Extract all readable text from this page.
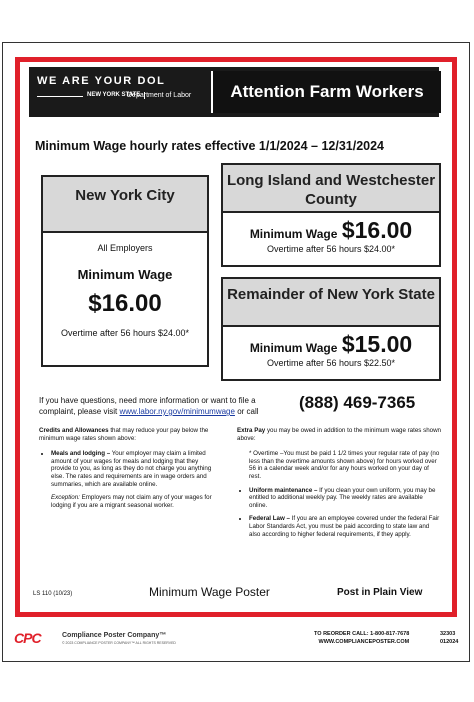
WE ARE YOUR DOL
NEW YORK STATE
Department of Labor	Attention Farm Workers
Minimum Wage hourly rates effective 1/1/2024 – 12/31/2024
New York City
All Employers
Minimum Wage
$16.00
Overtime after 56 hours $24.00*
Long Island and Westchester County
Minimum Wage $16.00
Overtime after 56 hours $24.00*
Remainder of New York State
Minimum Wage $15.00
Overtime after 56 hours $22.50*
If you have questions, need more information or want to file a
complaint, please visit www.labor.ny.gov/minimumwage or call	(888) 469-7365
Credits and Allowances that may reduce your pay below the minimum wage rates shown above:
• Meals and lodging – Your employer may claim a limited amount of your wages for meals and lodging that they provide to you, as long as they do not charge you anything else. The rates and requirements are in wage orders and summaries, which are available online.
Exception: Employers may not claim any of your wages for lodging if you are a migrant seasonal worker.
Extra Pay you may be owed in addition to the minimum wage rates shown above:
* Overtime –You must be paid 1 1/2 times your regular rate of pay (no less than the overtime amounts shown above) for hours worked over 56 in a calendar week and/or for any hours worked on your day of rest.
• Uniform maintenance – If you clean your own uniform, you may be entitled to additional weekly pay. The weekly rates are available online.
• Federal Law – If you are an employee covered under the federal Fair Labor Standards Act, you must be paid according to state law and also according to higher federal requirements, if they apply.
LS 110 (10/23)	Minimum Wage Poster	Post in Plain View
CPC	Compliance Poster Company™
© 2023 COMPLIANCE POSTER COMPANY™ ALL RIGHTS RESERVED
TO REORDER CALL: 1-800-817-7678
WWW.COMPLIANCEPOSTER.COM
32303
012024
